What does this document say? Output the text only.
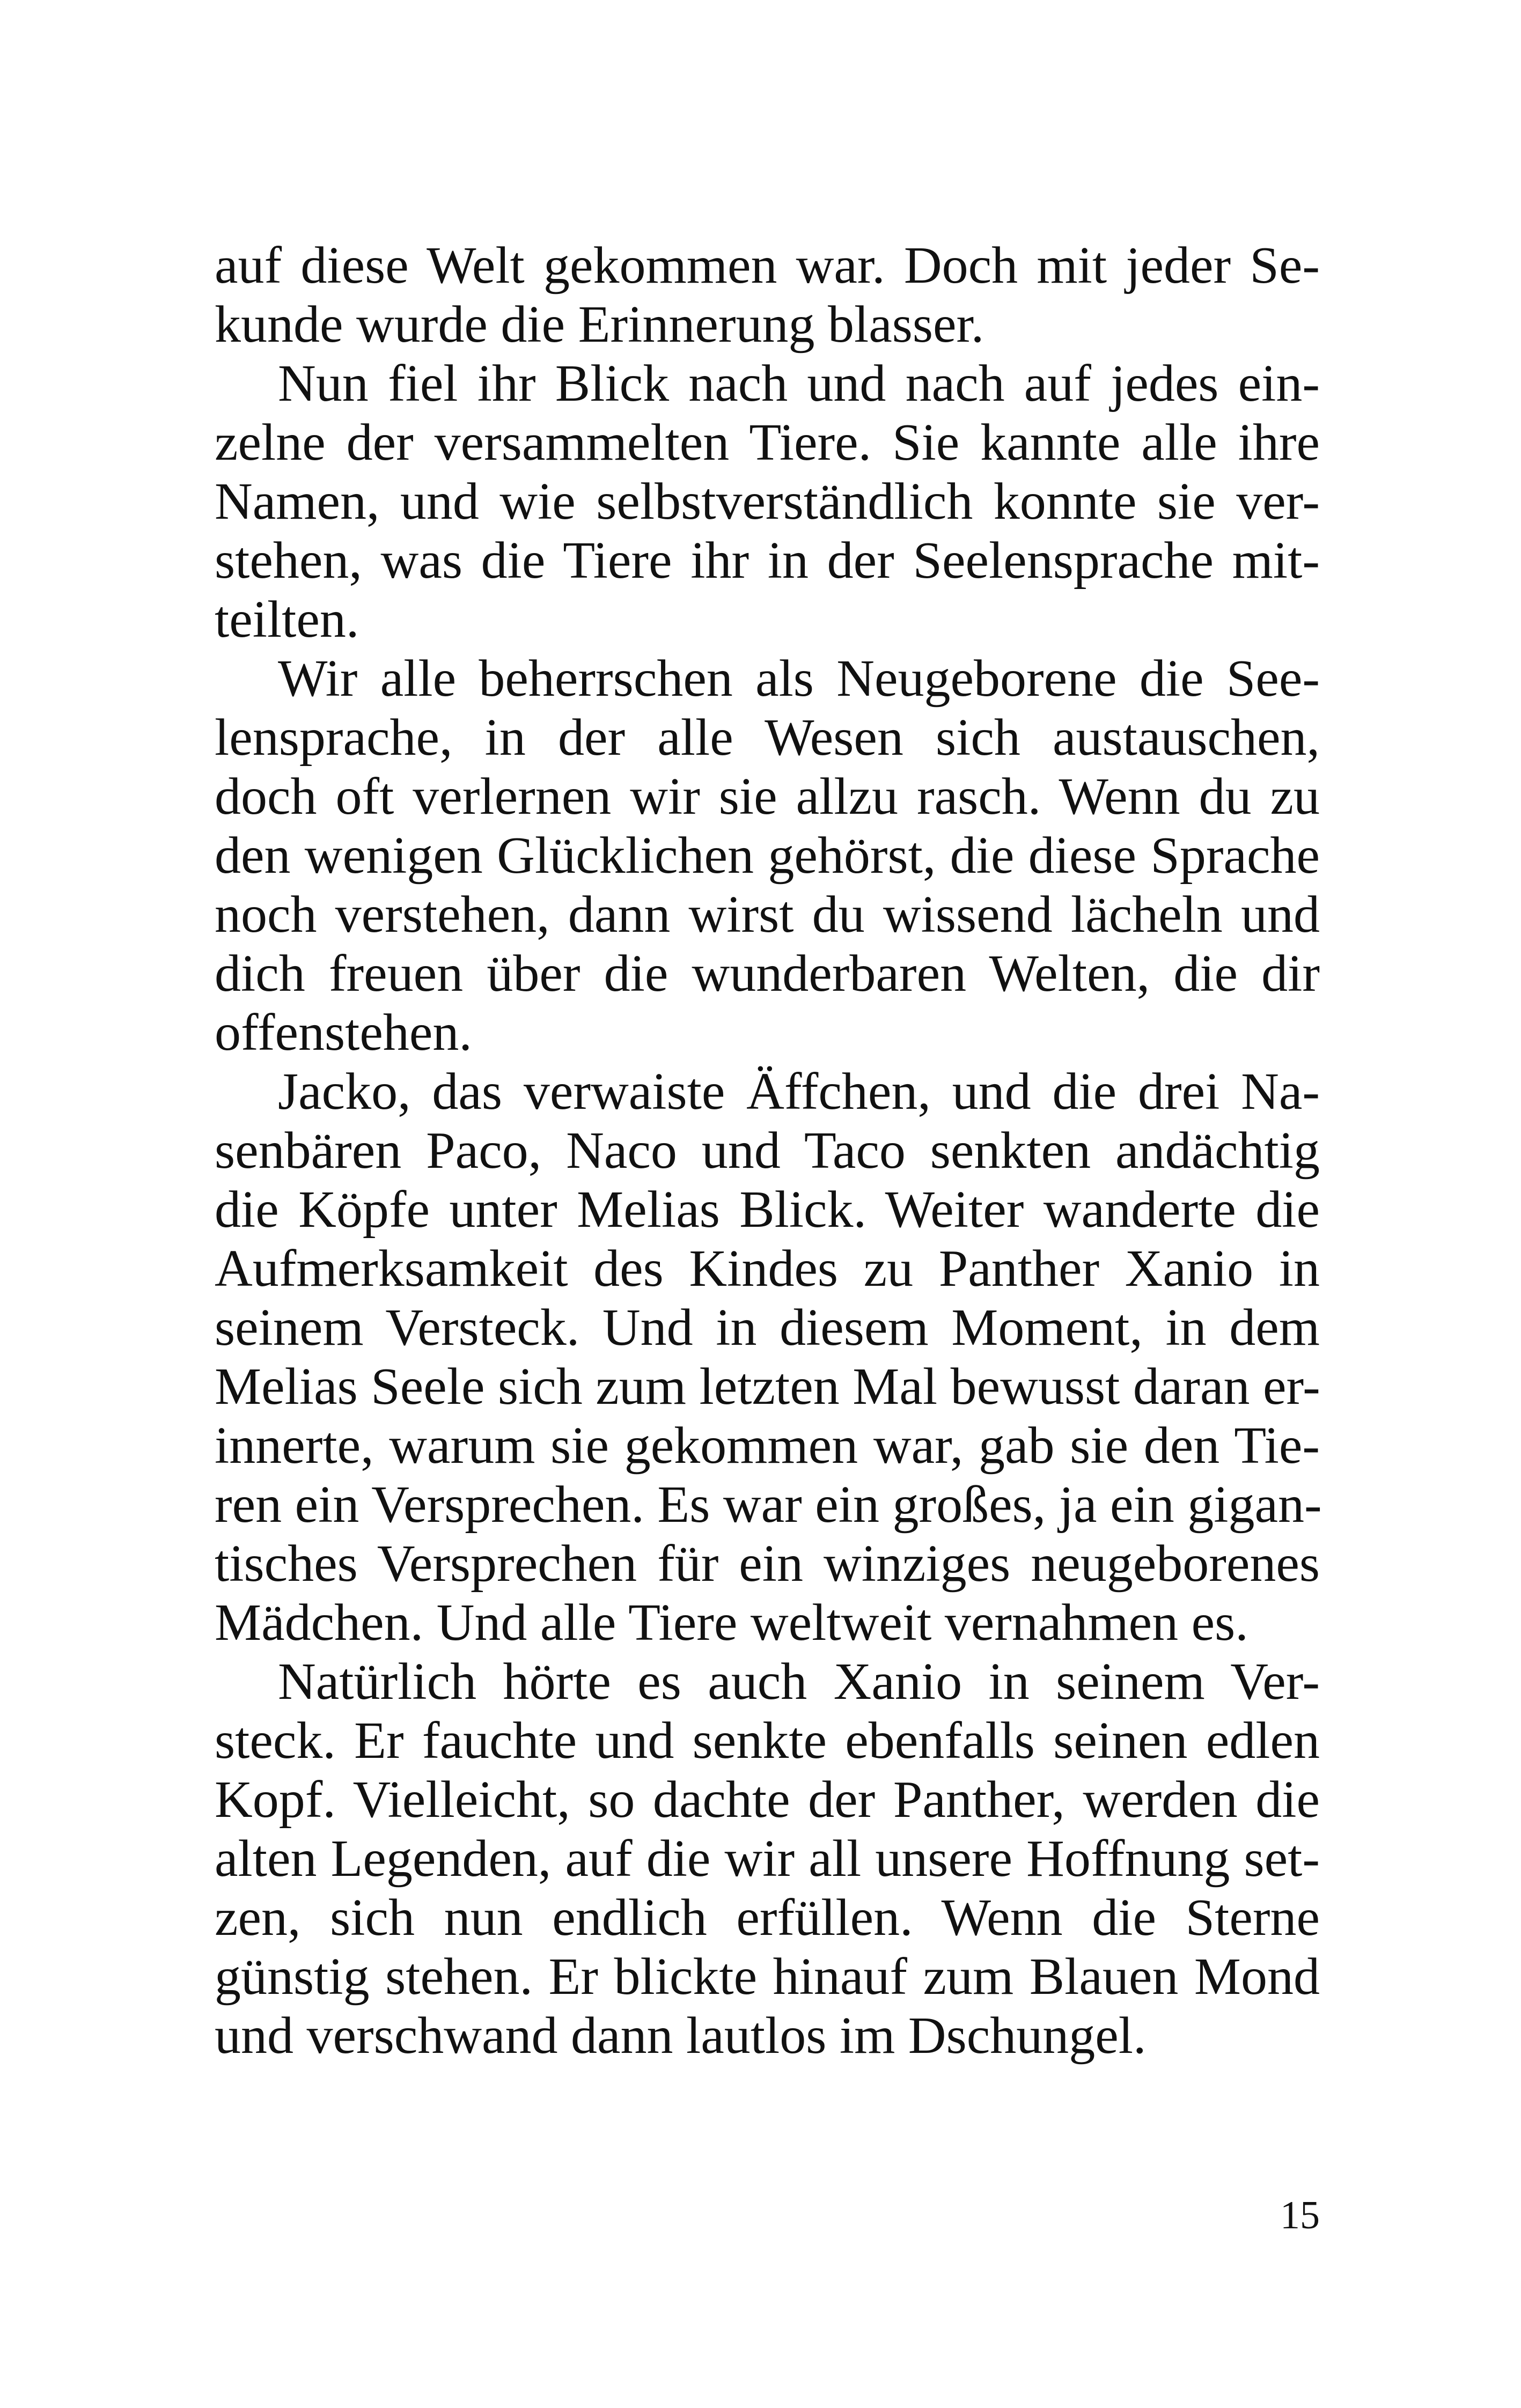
auf diese Welt gekommen war. Doch mit jeder Se-
kunde wurde die Erinnerung blasser.
Nun fiel ihr Blick nach und nach auf jedes ein-
zelne der versammelten Tiere. Sie kannte alle ihre
Namen, und wie selbstverständlich konnte sie ver-
stehen, was die Tiere ihr in der Seelensprache mit-
teilten.
Wir alle beherrschen als Neugeborene die See-
lensprache, in der alle Wesen sich austauschen,
doch oft verlernen wir sie allzu rasch. Wenn du zu
den wenigen Glücklichen gehörst, die diese Sprache
noch verstehen, dann wirst du wissend lächeln und
dich freuen über die wunderbaren Welten, die dir
offenstehen.
Jacko, das verwaiste Äffchen, und die drei Na-
senbären Paco, Naco und Taco senkten andächtig
die Köpfe unter Melias Blick. Weiter wanderte die
Aufmerksamkeit des Kindes zu Panther Xanio in
seinem Versteck. Und in diesem Moment, in dem
Melias Seele sich zum letzten Mal bewusst daran er-
innerte, warum sie gekommen war, gab sie den Tie-
ren ein Versprechen. Es war ein großes, ja ein gigan-
tisches Versprechen für ein winziges neugeborenes
Mädchen. Und alle Tiere weltweit vernahmen es.
Natürlich hörte es auch Xanio in seinem Ver-
steck. Er fauchte und senkte ebenfalls seinen edlen
Kopf. Vielleicht, so dachte der Panther, werden die
alten Legenden, auf die wir all unsere Hoffnung set-
zen, sich nun endlich erfüllen. Wenn die Sterne
günstig stehen. Er blickte hinauf zum Blauen Mond
und verschwand dann lautlos im Dschungel.
15
